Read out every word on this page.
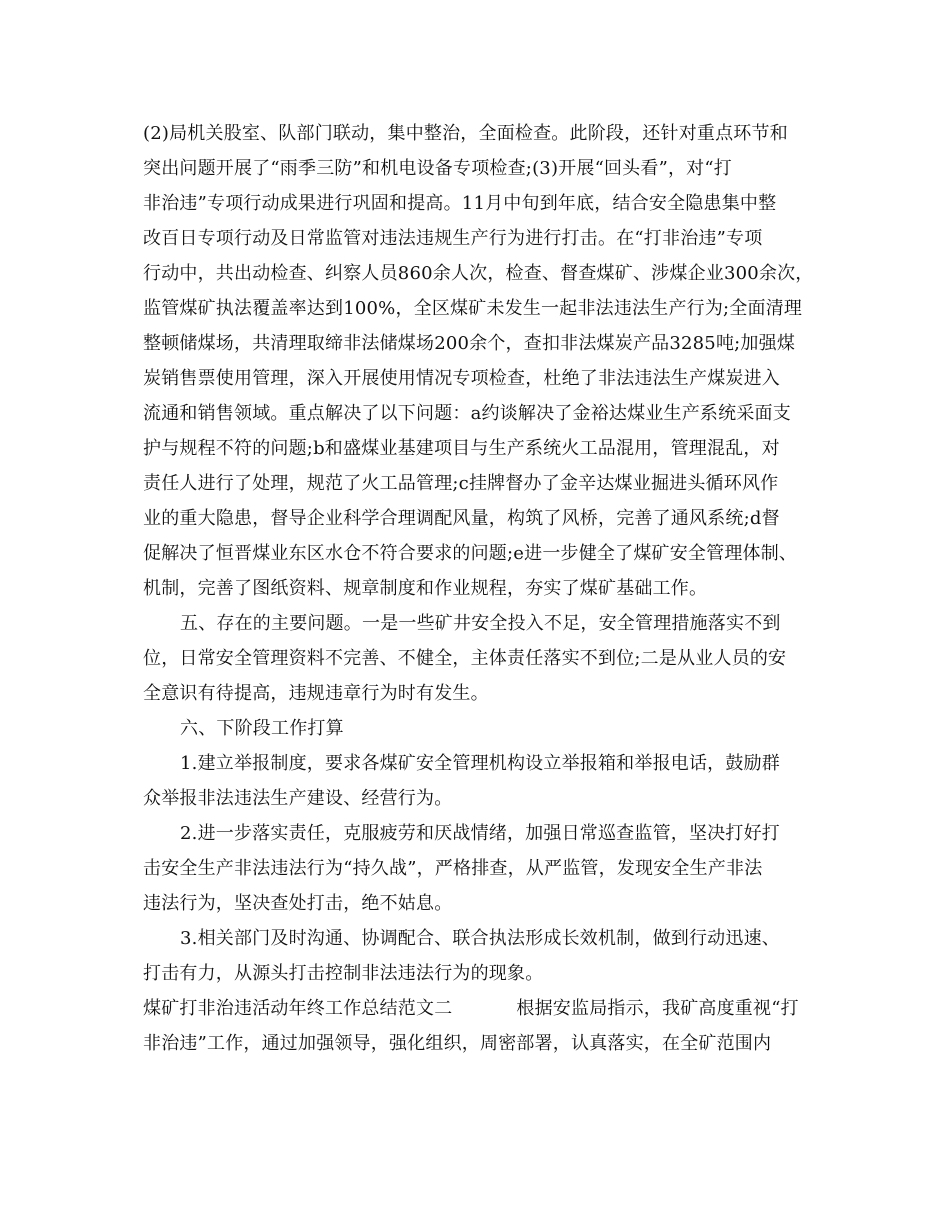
(2)局机关股室、队部门联动，集中整治，全面检查。此阶段，还针对重点环节和
突出问题开展了“雨季三防”和机电设备专项检查;(3)开展“回头看”，对“打
非治违”专项行动成果进行巩固和提高。11月中旬到年底，结合安全隐患集中整
改百日专项行动及日常监管对违法违规生产行为进行打击。在“打非治违”专项
行动中，共出动检查、纠察人员860余人次，检查、督查煤矿、涉煤企业300余次，
监管煤矿执法覆盖率达到100%，全区煤矿未发生一起非法违法生产行为;全面清理
整顿储煤场，共清理取缔非法储煤场200余个，查扣非法煤炭产品3285吨;加强煤
炭销售票使用管理，深入开展使用情况专项检查，杜绝了非法违法生产煤炭进入
流通和销售领域。重点解决了以下问题：a约谈解决了金裕达煤业生产系统采面支
护与规程不符的问题;b和盛煤业基建项目与生产系统火工品混用，管理混乱，对
责任人进行了处理，规范了火工品管理;c挂牌督办了金辛达煤业掘进头循环风作
业的重大隐患，督导企业科学合理调配风量，构筑了风桥，完善了通风系统;d督
促解决了恒晋煤业东区水仓不符合要求的问题;e进一步健全了煤矿安全管理体制、
机制，完善了图纸资料、规章制度和作业规程，夯实了煤矿基础工作。
五、存在的主要问题。一是一些矿井安全投入不足，安全管理措施落实不到
位，日常安全管理资料不完善、不健全，主体责任落实不到位;二是从业人员的安
全意识有待提高，违规违章行为时有发生。
六、下阶段工作打算
1.建立举报制度，要求各煤矿安全管理机构设立举报箱和举报电话，鼓励群
众举报非法违法生产建设、经营行为。
2.进一步落实责任，克服疲劳和厌战情绪，加强日常巡查监管，坚决打好打
击安全生产非法违法行为“持久战”，严格排查，从严监管，发现安全生产非法
违法行为，坚决查处打击，绝不姑息。
3.相关部门及时沟通、协调配合、联合执法形成长效机制，做到行动迅速、
打击有力，从源头打击控制非法违法行为的现象。
煤矿打非治违活动年终工作总结范文二	根据安监局指示，我矿高度重视“打
非治违”工作，通过加强领导，强化组织，周密部署，认真落实，在全矿范围内
